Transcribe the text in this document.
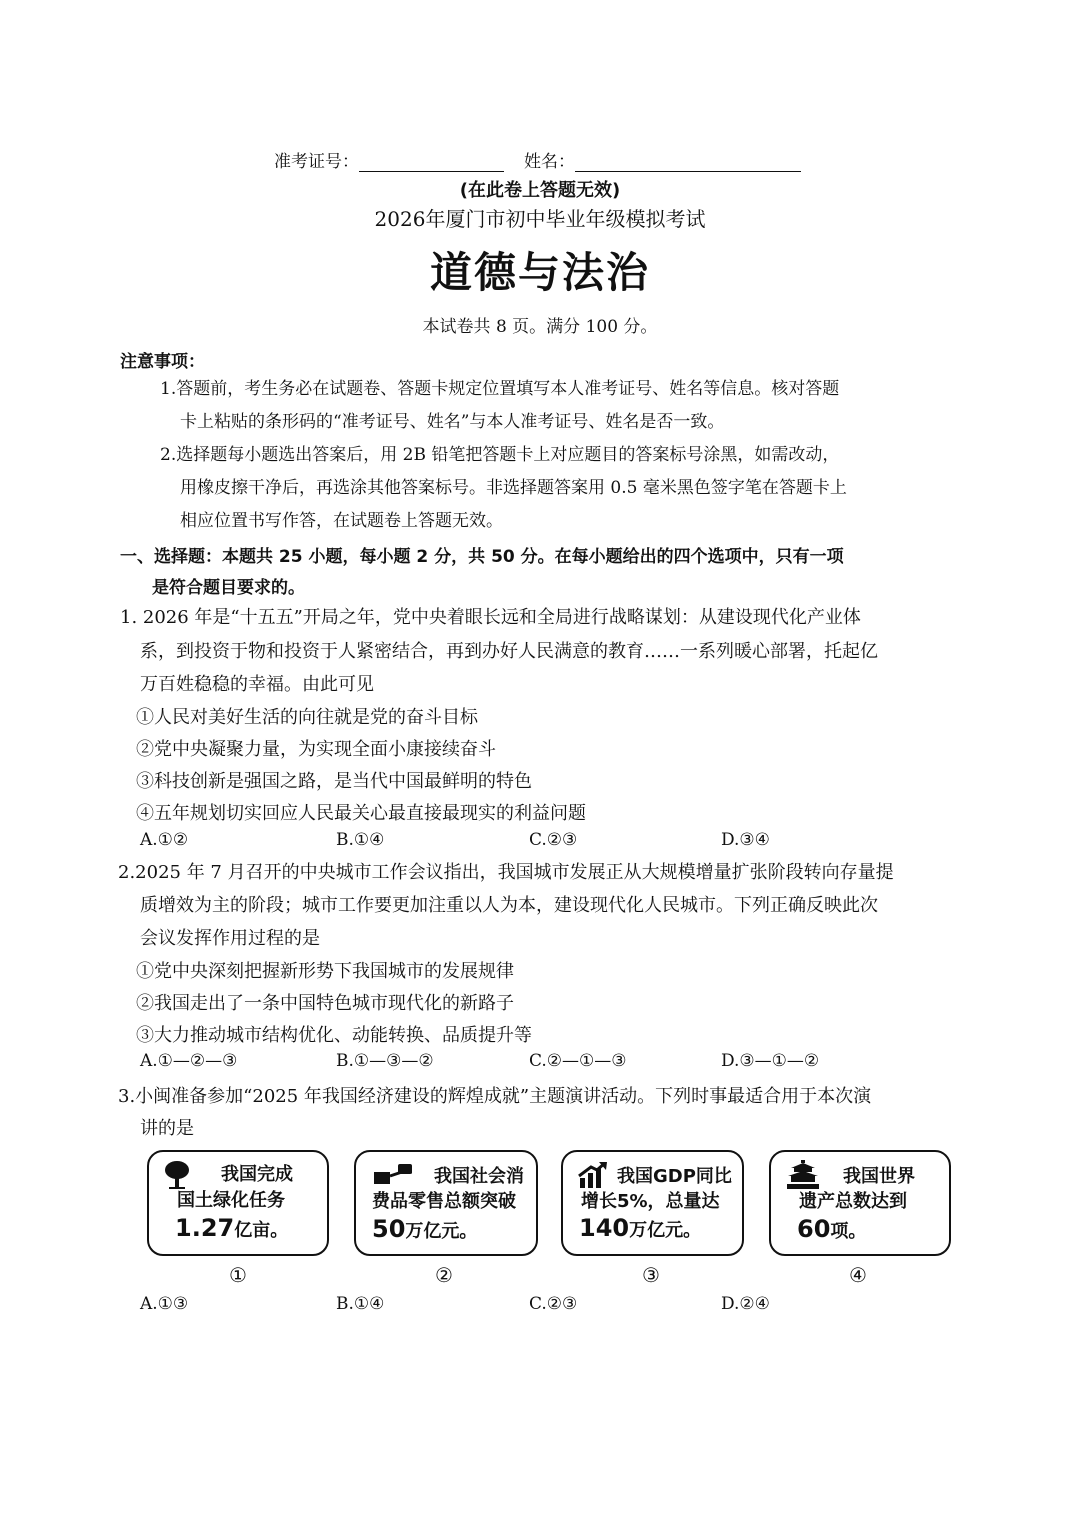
准考证号：	姓名：
(在此卷上答题无效)
2026年厦门市初中毕业年级模拟考试
道德与法治
本试卷共 8 页。满分 100 分。
注意事项：
1.答题前，考生务必在试题卷、答题卡规定位置填写本人准考证号、姓名等信息。核对答题
卡上粘贴的条形码的“准考证号、姓名”与本人准考证号、姓名是否一致。
2.选择题每小题选出答案后，用 2B 铅笔把答题卡上对应题目的答案标号涂黑，如需改动，
用橡皮擦干净后，再选涂其他答案标号。非选择题答案用 0.5 毫米黑色签字笔在答题卡上
相应位置书写作答，在试题卷上答题无效。
一、选择题：本题共 25 小题，每小题 2 分，共 50 分。在每小题给出的四个选项中，只有一项
是符合题目要求的。
1. 2026 年是“十五五”开局之年，党中央着眼长远和全局进行战略谋划：从建设现代化产业体
系，到投资于物和投资于人紧密结合，再到办好人民满意的教育……一系列暖心部署，托起亿
万百姓稳稳的幸福。由此可见
①人民对美好生活的向往就是党的奋斗目标
②党中央凝聚力量，为实现全面小康接续奋斗
③科技创新是强国之路，是当代中国最鲜明的特色
④五年规划切实回应人民最关心最直接最现实的利益问题
A.①②	B.①④	C.②③	D.③④
2.2025 年 7 月召开的中央城市工作会议指出，我国城市发展正从大规模增量扩张阶段转向存量提
质增效为主的阶段；城市工作要更加注重以人为本，建设现代化人民城市。下列正确反映此次
会议发挥作用过程的是
①党中央深刻把握新形势下我国城市的发展规律
②我国走出了一条中国特色城市现代化的新路子
③大力推动城市结构优化、动能转换、品质提升等
A.①—②—③	B.①—③—②	C.②—①—③	D.③—①—②
3.小闽准备参加“2025 年我国经济建设的辉煌成就”主题演讲活动。下列时事最适合用于本次演
讲的是
我国完成
国土绿化任务
1.27亿亩。
①
我国社会消
费品零售总额突破
50万亿元。
②
我国GDP同比
增长5%，总量达
140万亿元。
③
我国世界
遗产总数达到
60项。
④
A.①③	B.①④	C.②③	D.②④
